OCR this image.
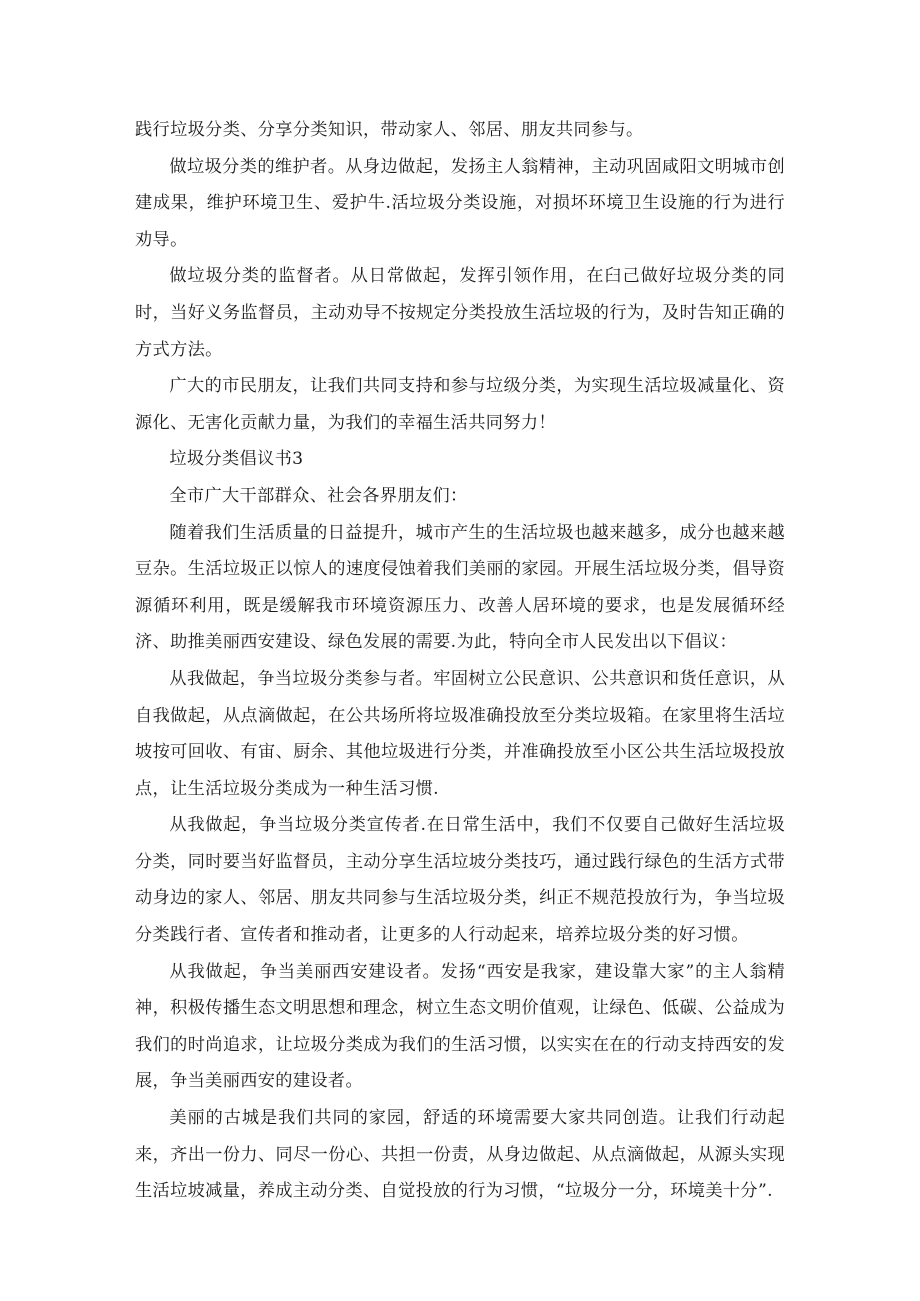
践行垃圾分类、分享分类知识，带动家人、邻居、朋友共同参与。

做垃圾分类的维护者。从身边做起，发扬主人翁精神，主动巩固咸阳文明城市创建成果，维护环境卫生、爱护牛.活垃圾分类设施，对损坏环境卫生设施的行为进行劝导。

做垃圾分类的监督者。从日常做起，发挥引领作用，在臼己做好垃圾分类的同时，当好义务监督员，主动劝导不按规定分类投放生活垃圾的行为，及时告知正确的方式方法。

广大的市民朋友，让我们共同支持和参与垃级分类，为实现生活垃圾减量化、资源化、无害化贡献力量，为我们的幸福生活共同努力！

垃圾分类倡议书3

全市广大干部群众、社会各界朋友们：

随着我们生活质量的日益提升，城市产生的生活垃圾也越来越多，成分也越来越豆杂。生活垃圾正以惊人的速度侵蚀着我们美丽的家园。开展生活垃圾分类，倡导资源循环利用，既是缓解我市环境资源压力、改善人居环境的要求，也是发展循环经济、助推美丽西安建设、绿色发展的需要.为此，特向全市人民发出以下倡议：

从我做起，争当垃圾分类参与者。牢固树立公民意识、公共意识和货任意识，从自我做起，从点滴做起，在公共场所将垃圾准确投放至分类垃圾箱。在家里将生活垃坡按可回收、有宙、厨余、其他垃圾进行分类，并准确投放至小区公共生活垃圾投放点，让生活垃圾分类成为一种生活习惯.

从我做起，争当垃圾分类宣传者.在日常生活中，我们不仅要自己做好生活垃圾分类，同时要当好监督员，主动分享生活垃坡分类技巧，通过践行绿色的生活方式带动身边的家人、邻居、朋友共同参与生活垃圾分类，纠正不规范投放行为，争当垃圾分类践行者、宣传者和推动者，让更多的人行动起来，培养垃圾分类的好习惯。

从我做起，争当美丽西安建设者。发扬“西安是我家，建设靠大家”的主人翁精神，积极传播生态文明思想和理念，树立生态文明价值观，让绿色、低碳、公益成为我们的时尚追求，让垃圾分类成为我们的生活习惯，以实实在在的行动支持西安的发展，争当美丽西安的建设者。

美丽的古城是我们共同的家园，舒适的环境需要大家共同创造。让我们行动起来，齐出一份力、同尽一份心、共担一份责，从身边做起、从点滴做起，从源头实现生活垃坡减量，养成主动分类、自觉投放的行为习惯，“垃圾分一分，环境美十分”.
